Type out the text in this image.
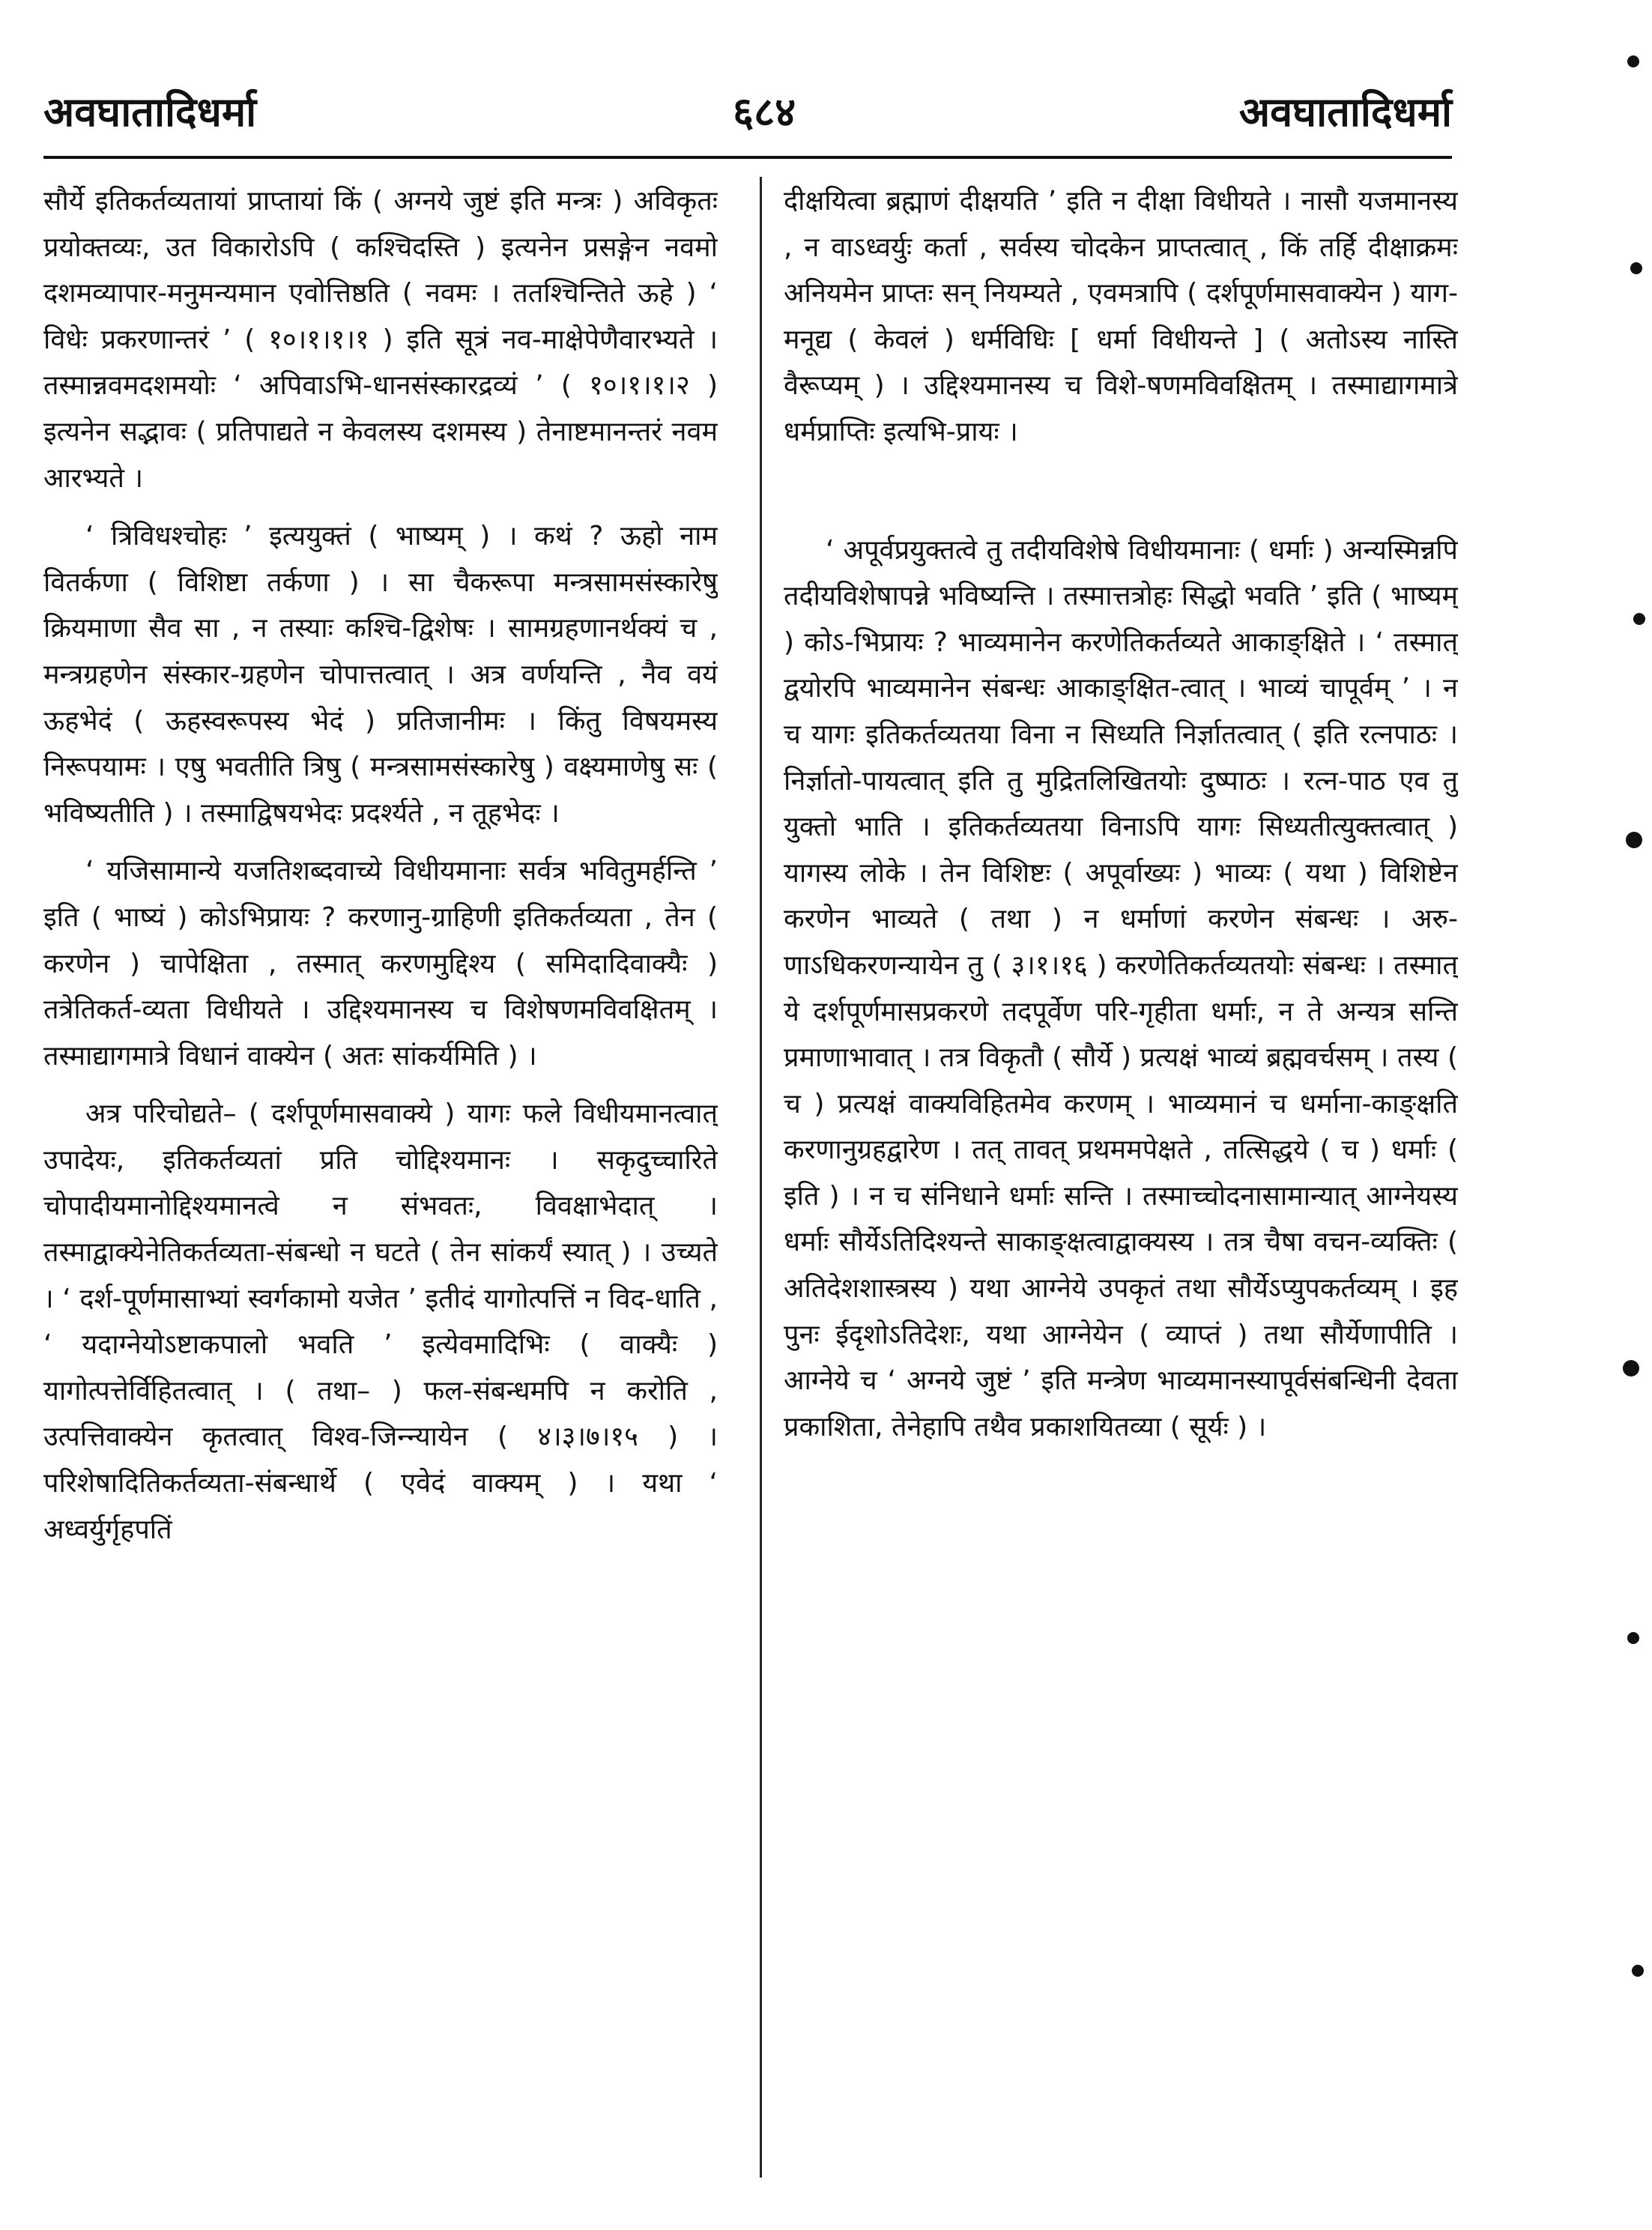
अवघातादिधर्मा	६८४	अवघातादिधर्मा

सौर्ये इतिकर्तव्यतायां प्राप्तायां किं ( अग्नये जुष्टं इति मन्त्रः ) अविकृतः प्रयोक्तव्यः, उत विकारोऽपि ( कश्चिदस्ति ) इत्यनेन प्रसङ्गेन नवमो दशमव्यापार-मनुमन्यमान एवोत्तिष्ठति ( नवमः । ततश्चिन्तिते ऊहे ) ‘ विधेः प्रकरणान्तरं ’ ( १०।१।१।१ ) इति सूत्रं नव-माक्षेपेणैवारभ्यते । तस्मान्नवमदशमयोः ‘ अपिवाऽभि-धानसंस्कारद्रव्यं ’ ( १०।१।१।२ ) इत्यनेन सद्भावः ( प्रतिपाद्यते न केवलस्य दशमस्य ) तेनाष्टमानन्तरं नवम आरभ्यते ।

‘ त्रिविधश्चोहः ’ इत्ययुक्तं ( भाष्यम् ) । कथं ? ऊहो नाम वितर्कणा ( विशिष्टा तर्कणा ) । सा चैकरूपा मन्त्रसामसंस्कारेषु क्रियमाणा सैव सा , न तस्याः कश्चि-द्विशेषः । सामग्रहणानर्थक्यं च , मन्त्रग्रहणेन संस्कार-ग्रहणेन चोपात्तत्वात् । अत्र वर्णयन्ति , नैव वयं ऊहभेदं ( ऊहस्वरूपस्य भेदं ) प्रतिजानीमः । किंतु विषयमस्य निरूपयामः । एषु भवतीति त्रिषु ( मन्त्रसामसंस्कारेषु ) वक्ष्यमाणेषु सः ( भविष्यतीति ) । तस्माद्विषयभेदः प्रदर्श्यते , न तूहभेदः ।

‘ यजिसामान्ये यजतिशब्दवाच्ये विधीयमानाः सर्वत्र भवितुमर्हन्ति ’ इति ( भाष्यं ) कोऽभिप्रायः ? करणानु-ग्राहिणी इतिकर्तव्यता , तेन ( करणेन ) चापेक्षिता , तस्मात् करणमुद्दिश्य ( समिदादिवाक्यैः ) तत्रेतिकर्त-व्यता विधीयते । उद्दिश्यमानस्य च विशेषणमविवक्षितम् । तस्माद्यागमात्रे विधानं वाक्येन ( अतः सांकर्यमिति ) ।

अत्र परिचोद्यते– ( दर्शपूर्णमासवाक्ये ) यागः फले विधीयमानत्वात् उपादेयः, इतिकर्तव्यतां प्रति चोद्दिश्यमानः । सकृदुच्चारिते चोपादीयमानोद्दिश्यमानत्वे न संभवतः, विवक्षाभेदात् । तस्माद्वाक्येनेतिकर्तव्यता-संबन्धो न घटते ( तेन सांकर्यं स्यात् ) । उच्यते । ‘ दर्श-पूर्णमासाभ्यां स्वर्गकामो यजेत ’ इतीदं यागोत्पत्तिं न विद-धाति , ‘ यदाग्नेयोऽष्टाकपालो भवति ’ इत्येवमादिभिः ( वाक्यैः ) यागोत्पत्तेर्विहितत्वात् । ( तथा– ) फल-संबन्धमपि न करोति , उत्पत्तिवाक्येन कृतत्वात् विश्व-जिन्न्यायेन ( ४।३।७।१५ ) । परिशेषादितिकर्तव्यता-संबन्धार्थे ( एवेदं वाक्यम् ) । यथा ‘ अध्वर्युर्गृहपतिं

दीक्षयित्वा ब्रह्माणं दीक्षयति ’ इति न दीक्षा विधीयते । नासौ यजमानस्य , न वाऽध्वर्युः कर्ता , सर्वस्य चोदकेन प्राप्तत्वात् , किं तर्हि दीक्षाक्रमः अनियमेन प्राप्तः सन् नियम्यते , एवमत्रापि ( दर्शपूर्णमासवाक्येन ) याग-मनूद्य ( केवलं ) धर्मविधिः [ धर्मा विधीयन्ते ] ( अतोऽस्य नास्ति वैरूप्यम् ) । उद्दिश्यमानस्य च विशे-षणमविवक्षितम् । तस्माद्यागमात्रे धर्मप्राप्तिः इत्यभि-प्रायः ।

‘ अपूर्वप्रयुक्तत्वे तु तदीयविशेषे विधीयमानाः ( धर्माः ) अन्यस्मिन्नपि तदीयविशेषापन्ने भविष्यन्ति । तस्मात्तत्रोहः सिद्धो भवति ’ इति ( भाष्यम् ) कोऽ-भिप्रायः ? भाव्यमानेन करणेतिकर्तव्यते आकाङ्क्षिते । ‘ तस्मात् द्वयोरपि भाव्यमानेन संबन्धः आकाङ्क्षित-त्वात् । भाव्यं चापूर्वम् ’ । न च यागः इतिकर्तव्यतया विना न सिध्यति निर्ज्ञातत्वात् ( इति रत्नपाठः । निर्ज्ञातो-पायत्वात् इति तु मुद्रितलिखितयोः दुष्पाठः । रत्न-पाठ एव तु युक्तो भाति । इतिकर्तव्यतया विनाऽपि यागः सिध्यतीत्युक्तत्वात् ) यागस्य लोके । तेन विशिष्टः ( अपूर्वाख्यः ) भाव्यः ( यथा ) विशिष्टेन करणेन भाव्यते ( तथा ) न धर्माणां करणेन संबन्धः । अरु-णाऽधिकरणन्यायेन तु ( ३।१।१६ ) करणेतिकर्तव्यतयोः संबन्धः । तस्मात् ये दर्शपूर्णमासप्रकरणे तदपूर्वेण परि-गृहीता धर्माः, न ते अन्यत्र सन्ति प्रमाणाभावात् । तत्र विकृतौ ( सौर्ये ) प्रत्यक्षं भाव्यं ब्रह्मवर्चसम् । तस्य ( च ) प्रत्यक्षं वाक्यविहितमेव करणम् । भाव्यमानं च धर्माना-काङ्क्षति करणानुग्रहद्वारेण । तत् तावत् प्रथममपेक्षते , तत्सिद्धये ( च ) धर्माः ( इति ) । न च संनिधाने धर्माः सन्ति । तस्माच्चोदनासामान्यात् आग्नेयस्य धर्माः सौर्येऽतिदिश्यन्ते साकाङ्क्षत्वाद्वाक्यस्य । तत्र चैषा वचन-व्यक्तिः ( अतिदेशशास्त्रस्य ) यथा आग्नेये उपकृतं तथा सौर्येऽप्युपकर्तव्यम् । इह पुनः ईदृशोऽतिदेशः, यथा आग्नेयेन ( व्याप्तं ) तथा सौर्येणापीति । आग्नेये च ‘ अग्नये जुष्टं ’ इति मन्त्रेण भाव्यमानस्यापूर्वसंबन्धिनी देवता प्रकाशिता, तेनेहापि तथैव प्रकाशयितव्या ( सूर्यः ) ।
